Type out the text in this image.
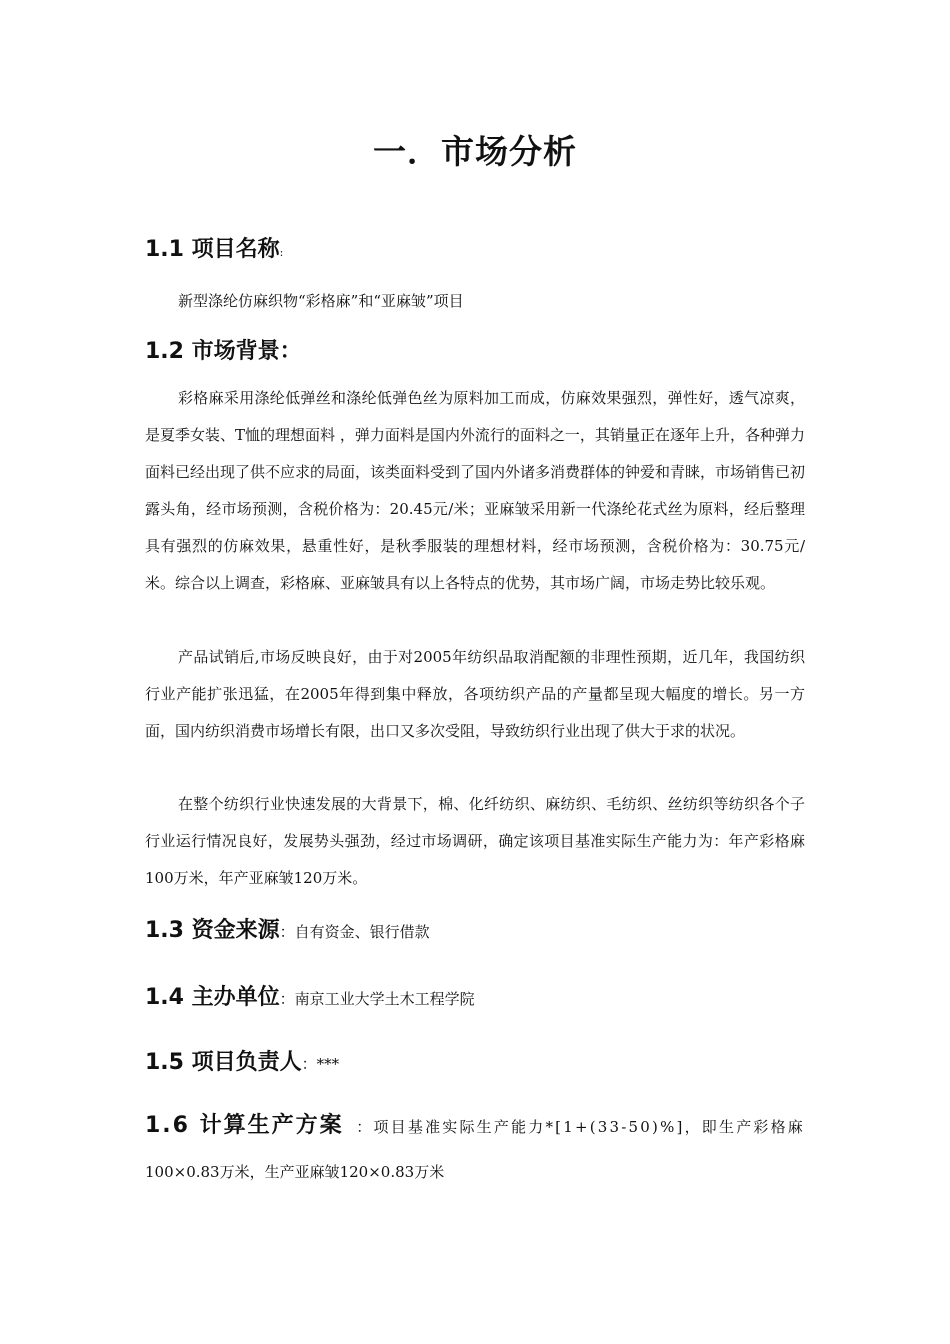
一．市场分析
1.1 项目名称:

新型涤纶仿麻织物“彩格麻”和“亚麻皱”项目

1.2 市场背景：

彩格麻采用涤纶低弹丝和涤纶低弹色丝为原料加工而成，仿麻效果强烈，弹性好，透气凉爽，是夏季女装、T恤的理想面料 ，弹力面料是国内外流行的面料之一，其销量正在逐年上升，各种弹力面料已经出现了供不应求的局面，该类面料受到了国内外诸多消费群体的钟爱和青睐，市场销售已初露头角，经市场预测，含税价格为：20.45元/米；亚麻皱采用新一代涤纶花式丝为原料，经后整理具有强烈的仿麻效果，悬重性好，是秋季服装的理想材料，经市场预测，含税价格为：30.75元/米。综合以上调查，彩格麻、亚麻皱具有以上各特点的优势，其市场广阔，市场走势比较乐观。

产品试销后,市场反映良好，由于对2005年纺织品取消配额的非理性预期，近几年，我国纺织行业产能扩张迅猛，在2005年得到集中释放，各项纺织产品的产量都呈现大幅度的增长。另一方面，国内纺织消费市场增长有限，出口又多次受阻，导致纺织行业出现了供大于求的状况。

在整个纺织行业快速发展的大背景下，棉、化纤纺织、麻纺织、毛纺织、丝纺织等纺织各个子行业运行情况良好，发展势头强劲，经过市场调研，确定该项目基准实际生产能力为：年产彩格麻100万米，年产亚麻皱120万米。

1.3 资金来源：自有资金、银行借款
1.4 主办单位：南京工业大学土木工程学院
1.5 项目负责人：***
1.6 计算生产方案 ：项目基准实际生产能力*[1+(33-50)%]，即生产彩格麻
100×0.83万米，生产亚麻皱120×0.83万米
